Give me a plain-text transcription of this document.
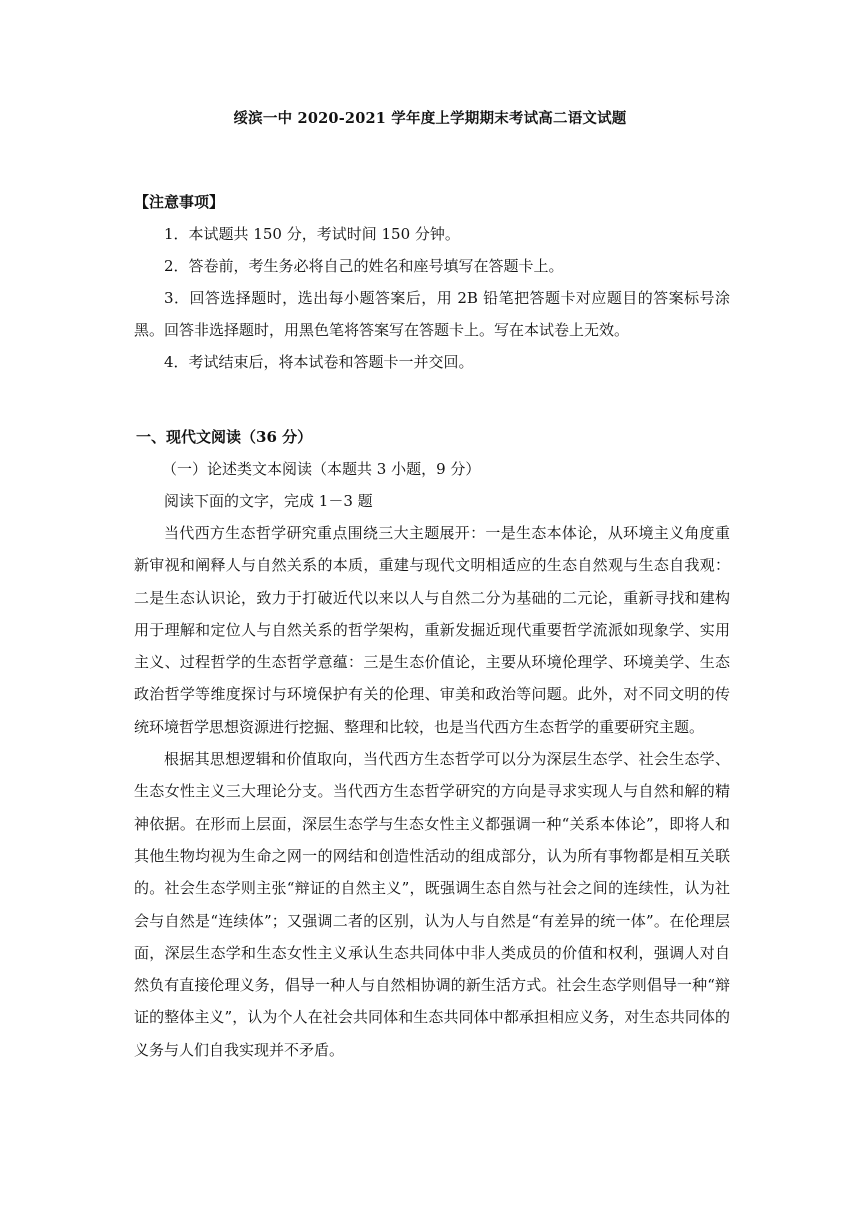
绥滨一中 2020-2021 学年度上学期期末考试高二语文试题
【注意事项】
1．本试题共 150 分，考试时间 150 分钟。
2．答卷前，考生务必将自己的姓名和座号填写在答题卡上。

3．回答选择题时，选出每小题答案后，用 2B 铅笔把答题卡对应题目的答案标号涂黑。回答非选择题时，用黑色笔将答案写在答题卡上。写在本试卷上无效。

4．考试结束后，将本试卷和答题卡一并交回。
一、现代文阅读（36 分）
（一）论述类文本阅读（本题共 3 小题，9 分）
阅读下面的文字，完成 1－3 题

当代西方生态哲学研究重点围绕三大主题展开：一是生态本体论，从环境主义角度重新审视和阐释人与自然关系的本质，重建与现代文明相适应的生态自然观与生态自我观：二是生态认识论，致力于打破近代以来以人与自然二分为基础的二元论，重新寻找和建构用于理解和定位人与自然关系的哲学架构，重新发掘近现代重要哲学流派如现象学、实用主义、过程哲学的生态哲学意蕴：三是生态价值论，主要从环境伦理学、环境美学、生态政治哲学等维度探讨与环境保护有关的伦理、审美和政治等问题。此外，对不同文明的传统环境哲学思想资源进行挖掘、整理和比较，也是当代西方生态哲学的重要研究主题。

根据其思想逻辑和价值取向，当代西方生态哲学可以分为深层生态学、社会生态学、生态女性主义三大理论分支。当代西方生态哲学研究的方向是寻求实现人与自然和解的精神依据。在形而上层面，深层生态学与生态女性主义都强调一种“关系本体论”，即将人和其他生物均视为生命之网一的网结和创造性活动的组成部分，认为所有事物都是相互关联的。社会生态学则主张“辩证的自然主义”，既强调生态自然与社会之间的连续性，认为社会与自然是“连续体”；又强调二者的区别，认为人与自然是“有差异的统一体”。在伦理层面，深层生态学和生态女性主义承认生态共同体中非人类成员的价值和权利，强调人对自然负有直接伦理义务，倡导一种人与自然相协调的新生活方式。社会生态学则倡导一种“辩证的整体主义”，认为个人在社会共同体和生态共同体中都承担相应义务，对生态共同体的义务与人们自我实现并不矛盾。
